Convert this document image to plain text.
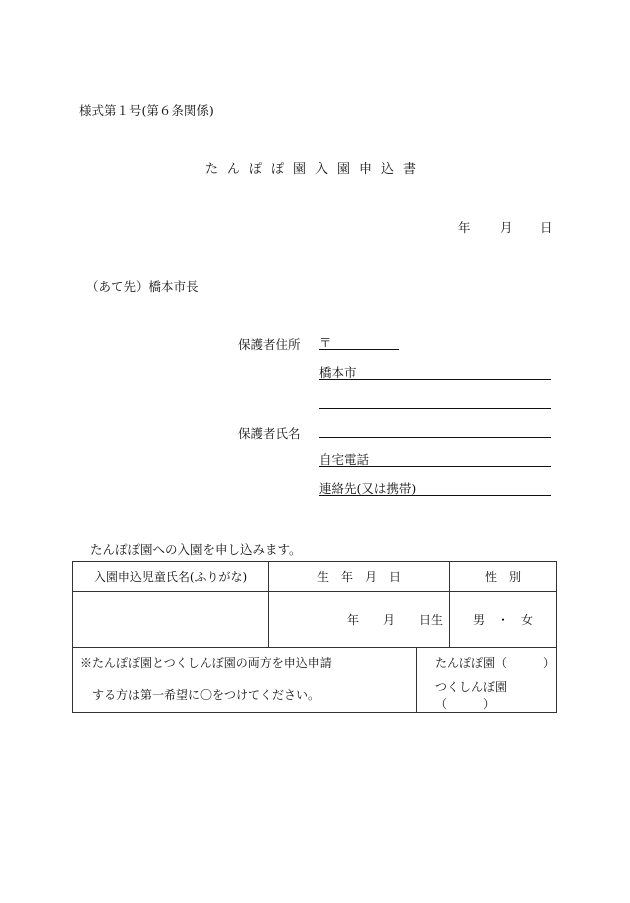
様式第１号(第６条関係)
たんぽぽ園入園申込書
年 月 日
（あて先）橋本市長
保護者住所 〒
橋本市
保護者氏名
自宅電話
連絡先(又は携帯)
たんぽぽ園への入園を申し込みます。
入園申込児童氏名(ふりがな)	生　年　月　日		性　別
	年　　月　　日生		男　・　女
※たんぽぽ園とつくしんぼ園の両方を申込申請		たんぽぽ園（　　　）	
する方は第一希望に〇をつけてください。		つくしんぼ園（　　　）	
